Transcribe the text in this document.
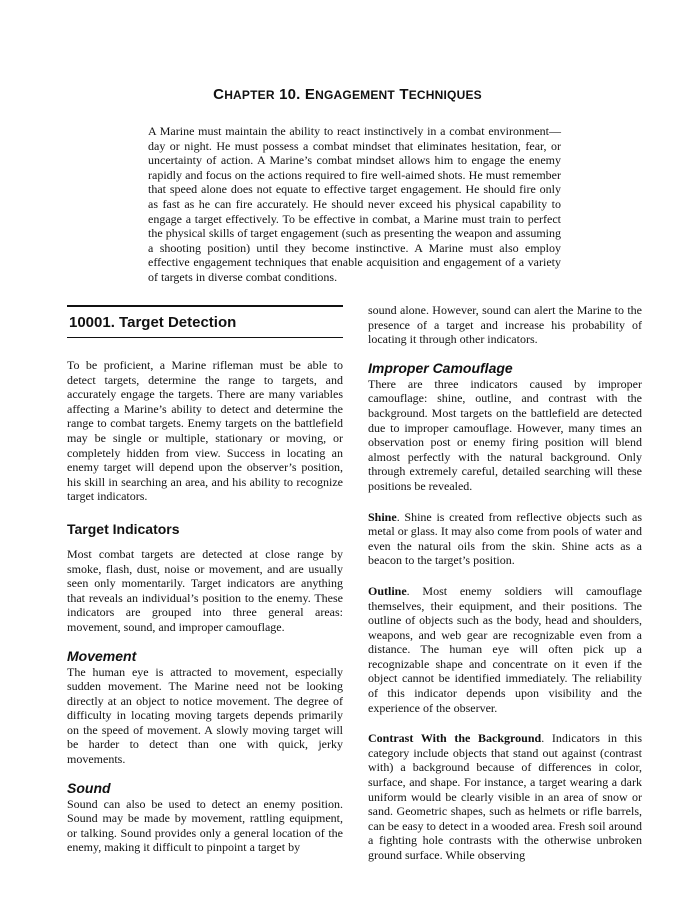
CHAPTER 10. ENGAGEMENT TECHNIQUES

A Marine must maintain the ability to react instinctively in a combat environment—day or night. He must possess a combat mindset that eliminates hesitation, fear, or uncertainty of action. A Marine’s combat mindset allows him to engage the enemy rapidly and focus on the actions required to fire well-aimed shots. He must remember that speed alone does not equate to effective target engagement. He should fire only as fast as he can fire accurately. He should never exceed his physical capability to engage a target effectively. To be effective in combat, a Marine must train to perfect the physical skills of target engagement (such as presenting the weapon and assuming a shooting position) until they become instinctive. A Marine must also employ effective engagement techniques that enable acquisition and engagement of a variety of targets in diverse combat conditions.

10001. Target Detection

To be proficient, a Marine rifleman must be able to detect targets, determine the range to targets, and accurately engage the targets. There are many variables affecting a Marine’s ability to detect and determine the range to combat targets. Enemy targets on the battlefield may be single or multiple, stationary or moving, or completely hidden from view. Success in locating an enemy target will depend upon the observer’s position, his skill in searching an area, and his ability to recognize target indicators.

Target Indicators

Most combat targets are detected at close range by smoke, flash, dust, noise or movement, and are usually seen only momentarily. Target indicators are anything that reveals an individual’s position to the enemy. These indicators are grouped into three general areas: movement, sound, and improper camouflage.

Movement

The human eye is attracted to movement, especially sudden movement. The Marine need not be looking directly at an object to notice movement. The degree of difficulty in locating moving targets depends primarily on the speed of movement. A slowly moving target will be harder to detect than one with quick, jerky movements.

Sound

Sound can also be used to detect an enemy position. Sound may be made by movement, rattling equipment, or talking. Sound provides only a general location of the enemy, making it difficult to pinpoint a target by

sound alone. However, sound can alert the Marine to the presence of a target and increase his probability of locating it through other indicators.

Improper Camouflage

There are three indicators caused by improper camouflage: shine, outline, and contrast with the background. Most targets on the battlefield are detected due to improper camouflage. However, many times an observation post or enemy firing position will blend almost perfectly with the natural background. Only through extremely careful, detailed searching will these positions be revealed.

Shine. Shine is created from reflective objects such as metal or glass. It may also come from pools of water and even the natural oils from the skin. Shine acts as a beacon to the target’s position.

Outline. Most enemy soldiers will camouflage themselves, their equipment, and their positions. The outline of objects such as the body, head and shoulders, weapons, and web gear are recognizable even from a distance. The human eye will often pick up a recognizable shape and concentrate on it even if the object cannot be identified immediately. The reliability of this indicator depends upon visibility and the experience of the observer.

Contrast With the Background. Indicators in this category include objects that stand out against (contrast with) a background because of differences in color, surface, and shape. For instance, a target wearing a dark uniform would be clearly visible in an area of snow or sand. Geometric shapes, such as helmets or rifle barrels, can be easy to detect in a wooded area. Fresh soil around a fighting hole contrasts with the otherwise unbroken ground surface. While observing
